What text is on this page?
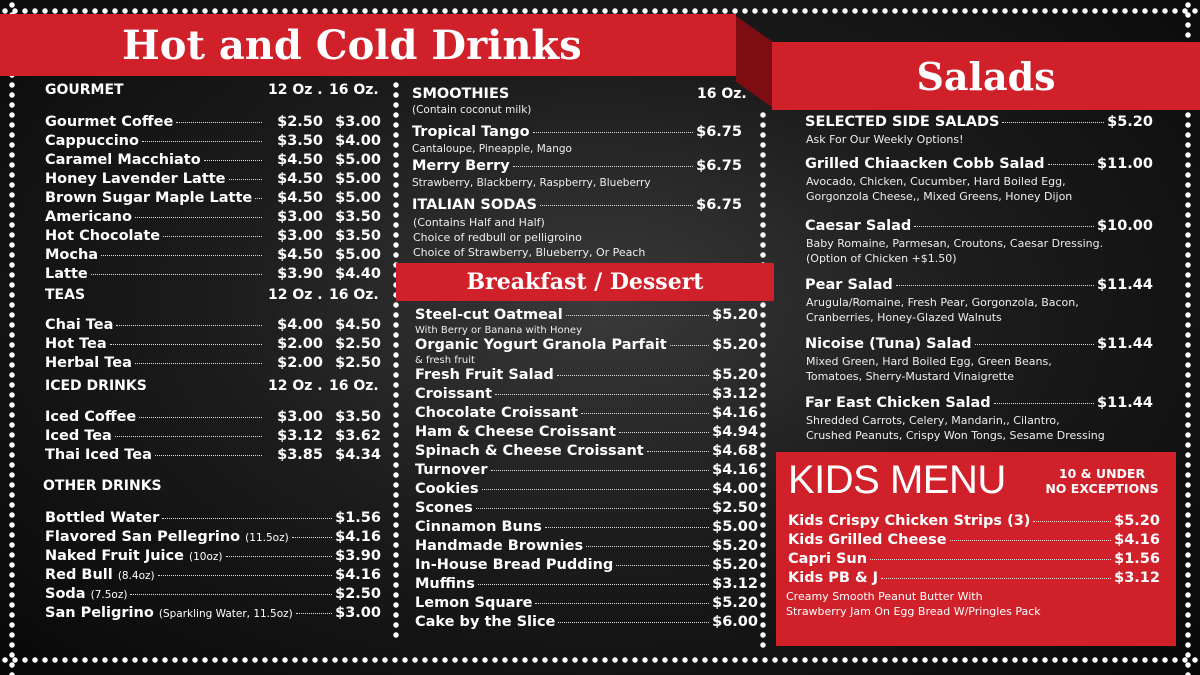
Hot and Cold Drinks
Salads
Breakfast / Dessert
GOURMET	12 Oz . 16 Oz.
TEAS	12 Oz . 16 Oz.
ICED DRINKS	12 Oz . 16 Oz.
OTHER DRINKS
SMOOTHIES	16 Oz.
(Contain coconut milk)
ITALIAN SODAS	$6.75
KIDS MENU	10 & UNDER
NO EXCEPTIONS
Gourmet Coffee	$2.50 $3.00
Cappuccino	$3.50 $4.00
Caramel Macchiato	$4.50 $5.00
Honey Lavender Latte	$4.50 $5.00
Brown Sugar Maple Latte	$4.50 $5.00
Americano	$3.00 $3.50
Hot Chocolate	$3.00 $3.50
Mocha	$4.50 $5.00
Latte	$3.90 $4.40
Chai Tea	$4.00 $4.50
Hot Tea	$2.00 $2.50
Herbal Tea	$2.00 $2.50
Iced Coffee	$3.00 $3.50
Iced Tea	$3.12 $3.62
Thai Iced Tea	$3.85 $4.34
Bottled Water	$1.56
Flavored San Pellegrino (11.5oz)	$4.16
Naked Fruit Juice (10oz)	$3.90
Red Bull (8.4oz)	$4.16
Soda (7.5oz)	$2.50
San Peligrino (Sparkling Water, 11.5oz)	$3.00
Tropical Tango	$6.75
Cantaloupe, Pineapple, Mango
Merry Berry	$6.75
Strawberry, Blackberry, Raspberry, Blueberry
(Contains Half and Half)
Choice of redbull or pelligroino
Choice of Strawberry, Blueberry, Or Peach
Steel-cut Oatmeal	$5.20
With Berry or Banana with Honey
Organic Yogurt Granola Parfait	$5.20
& fresh fruit
Fresh Fruit Salad	$5.20
Croissant	$3.12
Chocolate Croissant	$4.16
Ham & Cheese Croissant	$4.94
Spinach & Cheese Croissant	$4.68
Turnover	$4.16
Cookies	$4.00
Scones	$2.50
Cinnamon Buns	$5.00
Handmade Brownies	$5.20
In-House Bread Pudding	$5.20
Muffins	$3.12
Lemon Square	$5.20
Cake by the Slice	$6.00
SELECTED SIDE SALADS	$5.20
Ask For Our Weekly Options!
Grilled Chiaacken Cobb Salad	$11.00
Avocado, Chicken, Cucumber, Hard Boiled Egg,
Gorgonzola Cheese,, Mixed Greens, Honey Dijon
Caesar Salad	$10.00
Baby Romaine, Parmesan, Croutons, Caesar Dressing.
(Option of Chicken +$1.50)
Pear Salad	$11.44
Arugula/Romaine, Fresh Pear, Gorgonzola, Bacon,
Cranberries, Honey-Glazed Walnuts
Nicoise (Tuna) Salad	$11.44
Mixed Green, Hard Boiled Egg, Green Beans,
Tomatoes, Sherry-Mustard Vinaigrette
Far East Chicken Salad	$11.44
Shredded Carrots, Celery, Mandarin,, Cilantro,
Crushed Peanuts, Crispy Won Tongs, Sesame Dressing
Kids Crispy Chicken Strips (3)	$5.20
Kids Grilled Cheese	$4.16
Capri Sun	$1.56
Kids PB & J	$3.12
Creamy Smooth Peanut Butter With
Strawberry Jam On Egg Bread W/Pringles Pack
